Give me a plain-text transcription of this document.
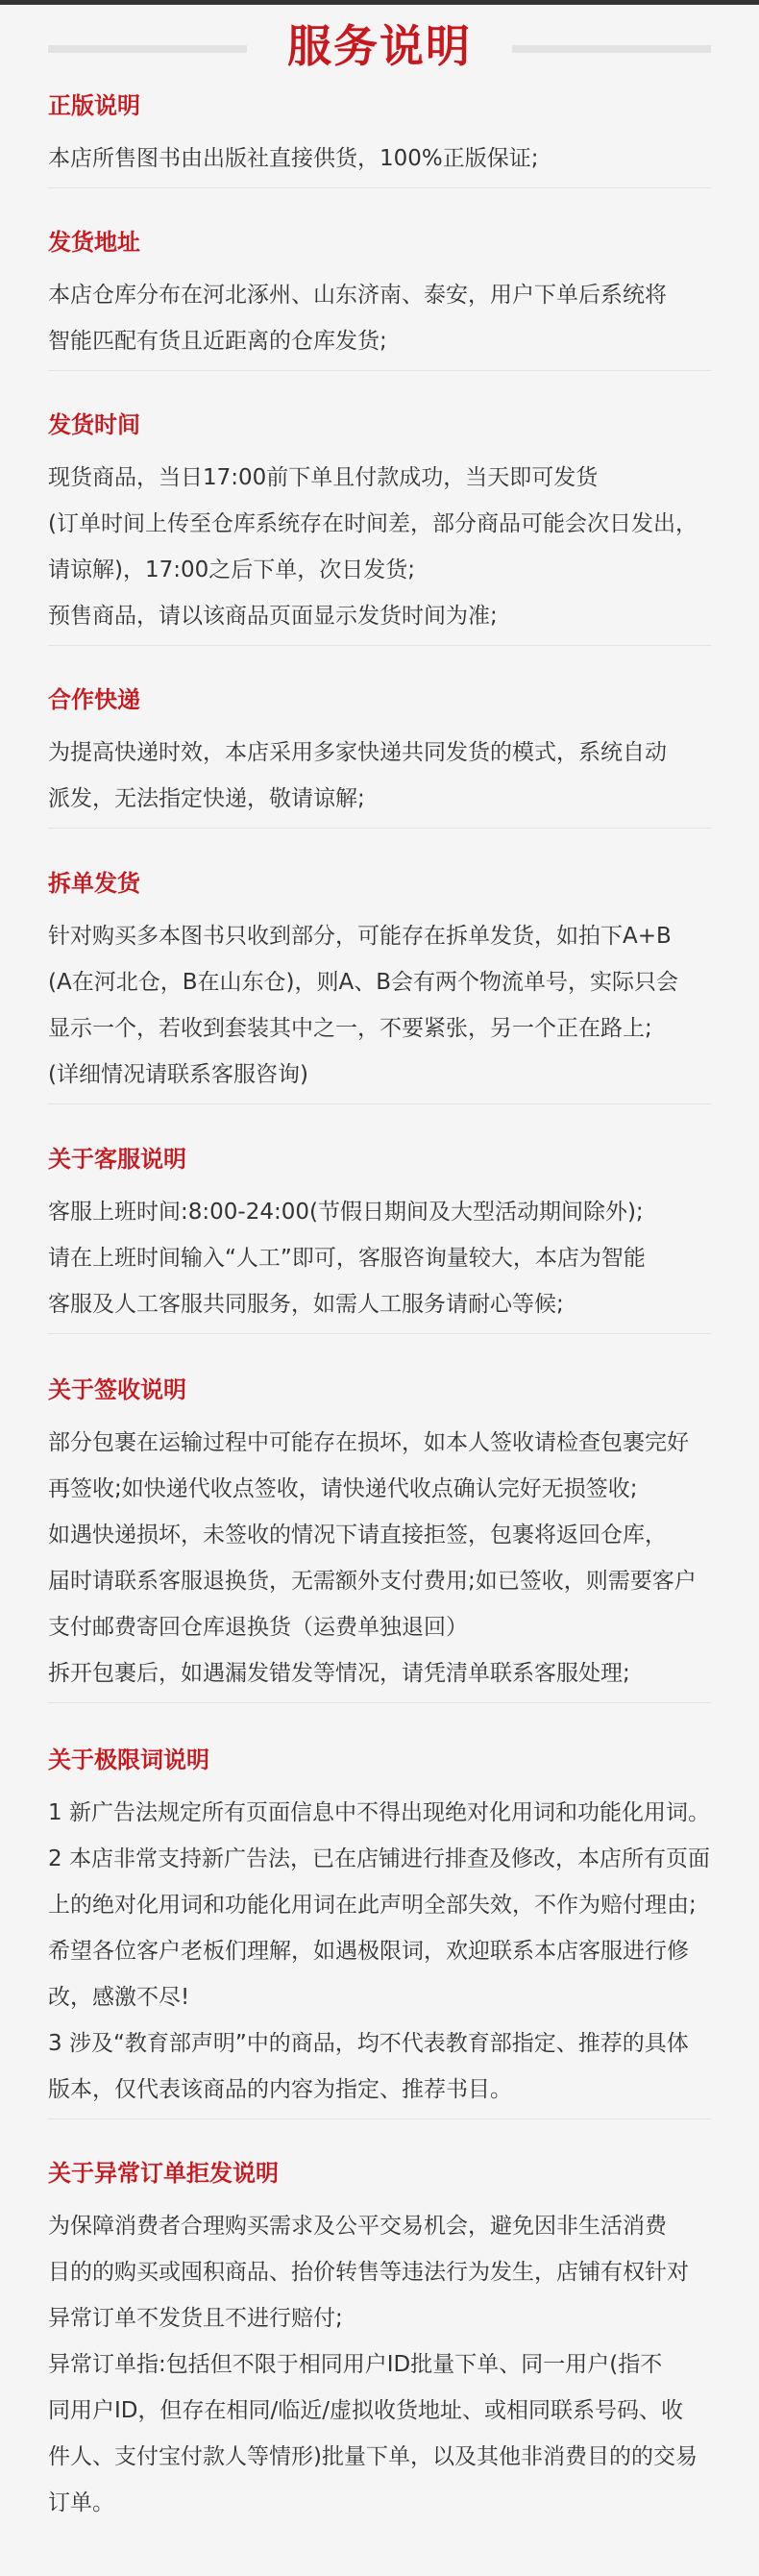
服务说明
正版说明
本店所售图书由出版社直接供货，100%正版保证;
发货地址
本店仓库分布在河北涿州、山东济南、泰安，用户下单后系统将
智能匹配有货且近距离的仓库发货;
发货时间
现货商品，当日17:00前下单且付款成功，当天即可发货
(订单时间上传至仓库系统存在时间差，部分商品可能会次日发出，
请谅解)，17:00之后下单，次日发货;
预售商品，请以该商品页面显示发货时间为准;
合作快递
为提高快递时效，本店采用多家快递共同发货的模式，系统自动
派发，无法指定快递，敬请谅解;
拆单发货
针对购买多本图书只收到部分，可能存在拆单发货，如拍下A+B
(A在河北仓，B在山东仓)，则A、B会有两个物流单号，实际只会
显示一个，若收到套装其中之一，不要紧张，另一个正在路上;
(详细情况请联系客服咨询)
关于客服说明
客服上班时间:8:00-24:00(节假日期间及大型活动期间除外);
请在上班时间输入“人工”即可，客服咨询量较大，本店为智能
客服及人工客服共同服务，如需人工服务请耐心等候;
关于签收说明
部分包裹在运输过程中可能存在损坏，如本人签收请检查包裹完好
再签收;如快递代收点签收，请快递代收点确认完好无损签收;
如遇快递损坏，未签收的情况下请直接拒签，包裹将返回仓库，
届时请联系客服退换货，无需额外支付费用;如已签收，则需要客户
支付邮费寄回仓库退换货（运费单独退回）
拆开包裹后，如遇漏发错发等情况，请凭清单联系客服处理;
关于极限词说明
1 新广告法规定所有页面信息中不得出现绝对化用词和功能化用词。
2 本店非常支持新广告法，已在店铺进行排查及修改，本店所有页面
上的绝对化用词和功能化用词在此声明全部失效，不作为赔付理由;
希望各位客户老板们理解，如遇极限词，欢迎联系本店客服进行修
改，感激不尽!
3 涉及“教育部声明”中的商品，均不代表教育部指定、推荐的具体
版本，仅代表该商品的内容为指定、推荐书目。
关于异常订单拒发说明
为保障消费者合理购买需求及公平交易机会，避免因非生活消费
目的的购买或囤积商品、抬价转售等违法行为发生，店铺有权针对
异常订单不发货且不进行赔付;
异常订单指:包括但不限于相同用户ID批量下单、同一用户(指不
同用户ID，但存在相同/临近/虚拟收货地址、或相同联系号码、收
件人、支付宝付款人等情形)批量下单，以及其他非消费目的的交易
订单。
